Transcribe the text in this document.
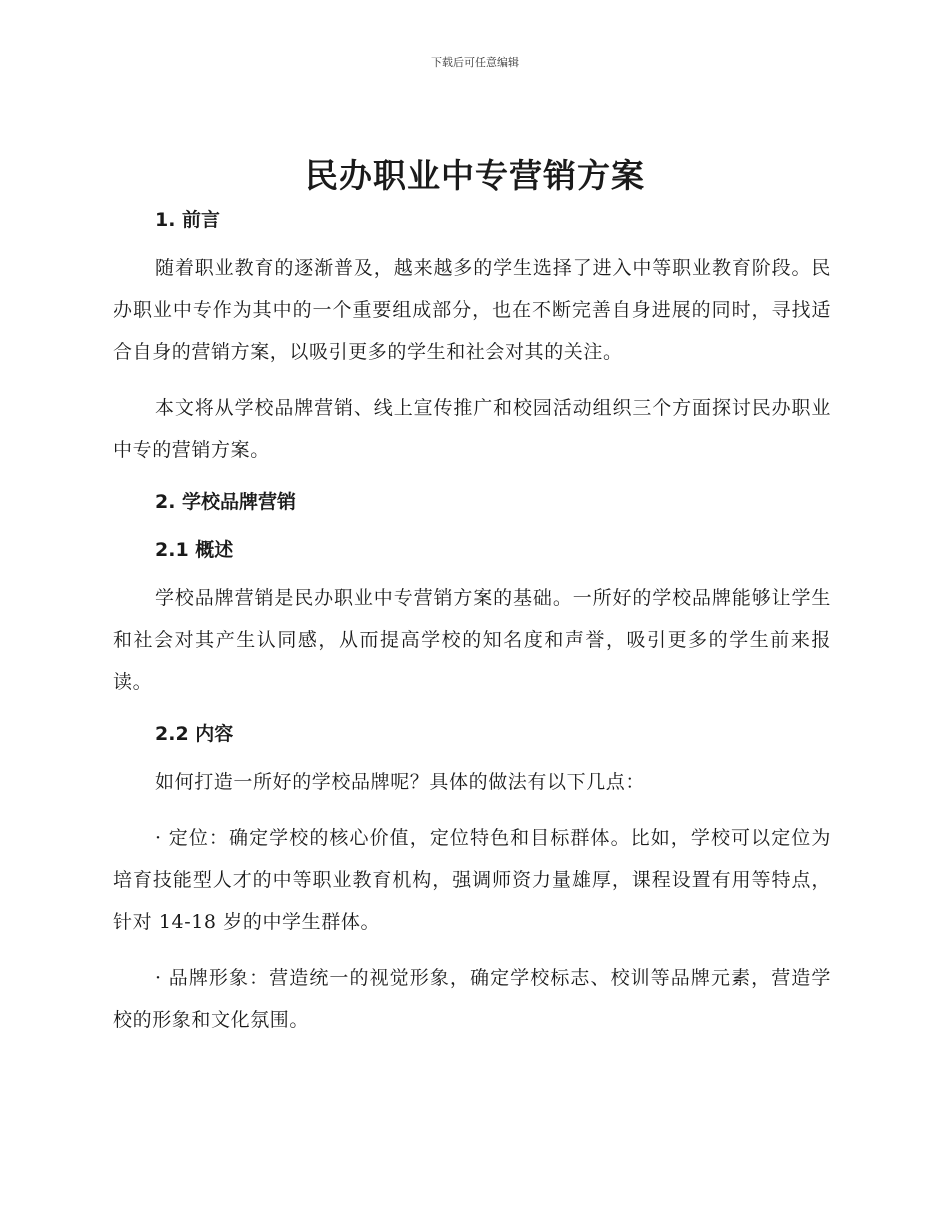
下载后可任意编辑
民办职业中专营销方案
1. 前言

随着职业教育的逐渐普及，越来越多的学生选择了进入中等职业教育阶段。民办职业中专作为其中的一个重要组成部分，也在不断完善自身进展的同时，寻找适合自身的营销方案，以吸引更多的学生和社会对其的关注。

本文将从学校品牌营销、线上宣传推广和校园活动组织三个方面探讨民办职业中专的营销方案。

2. 学校品牌营销
2.1 概述

学校品牌营销是民办职业中专营销方案的基础。一所好的学校品牌能够让学生和社会对其产生认同感，从而提高学校的知名度和声誉，吸引更多的学生前来报读。

2.2 内容

如何打造一所好的学校品牌呢？具体的做法有以下几点：

· 定位：确定学校的核心价值，定位特色和目标群体。比如，学校可以定位为培育技能型人才的中等职业教育机构，强调师资力量雄厚，课程设置有用等特点，针对 14-18 岁的中学生群体。

· 品牌形象：营造统一的视觉形象，确定学校标志、校训等品牌元素，营造学校的形象和文化氛围。
